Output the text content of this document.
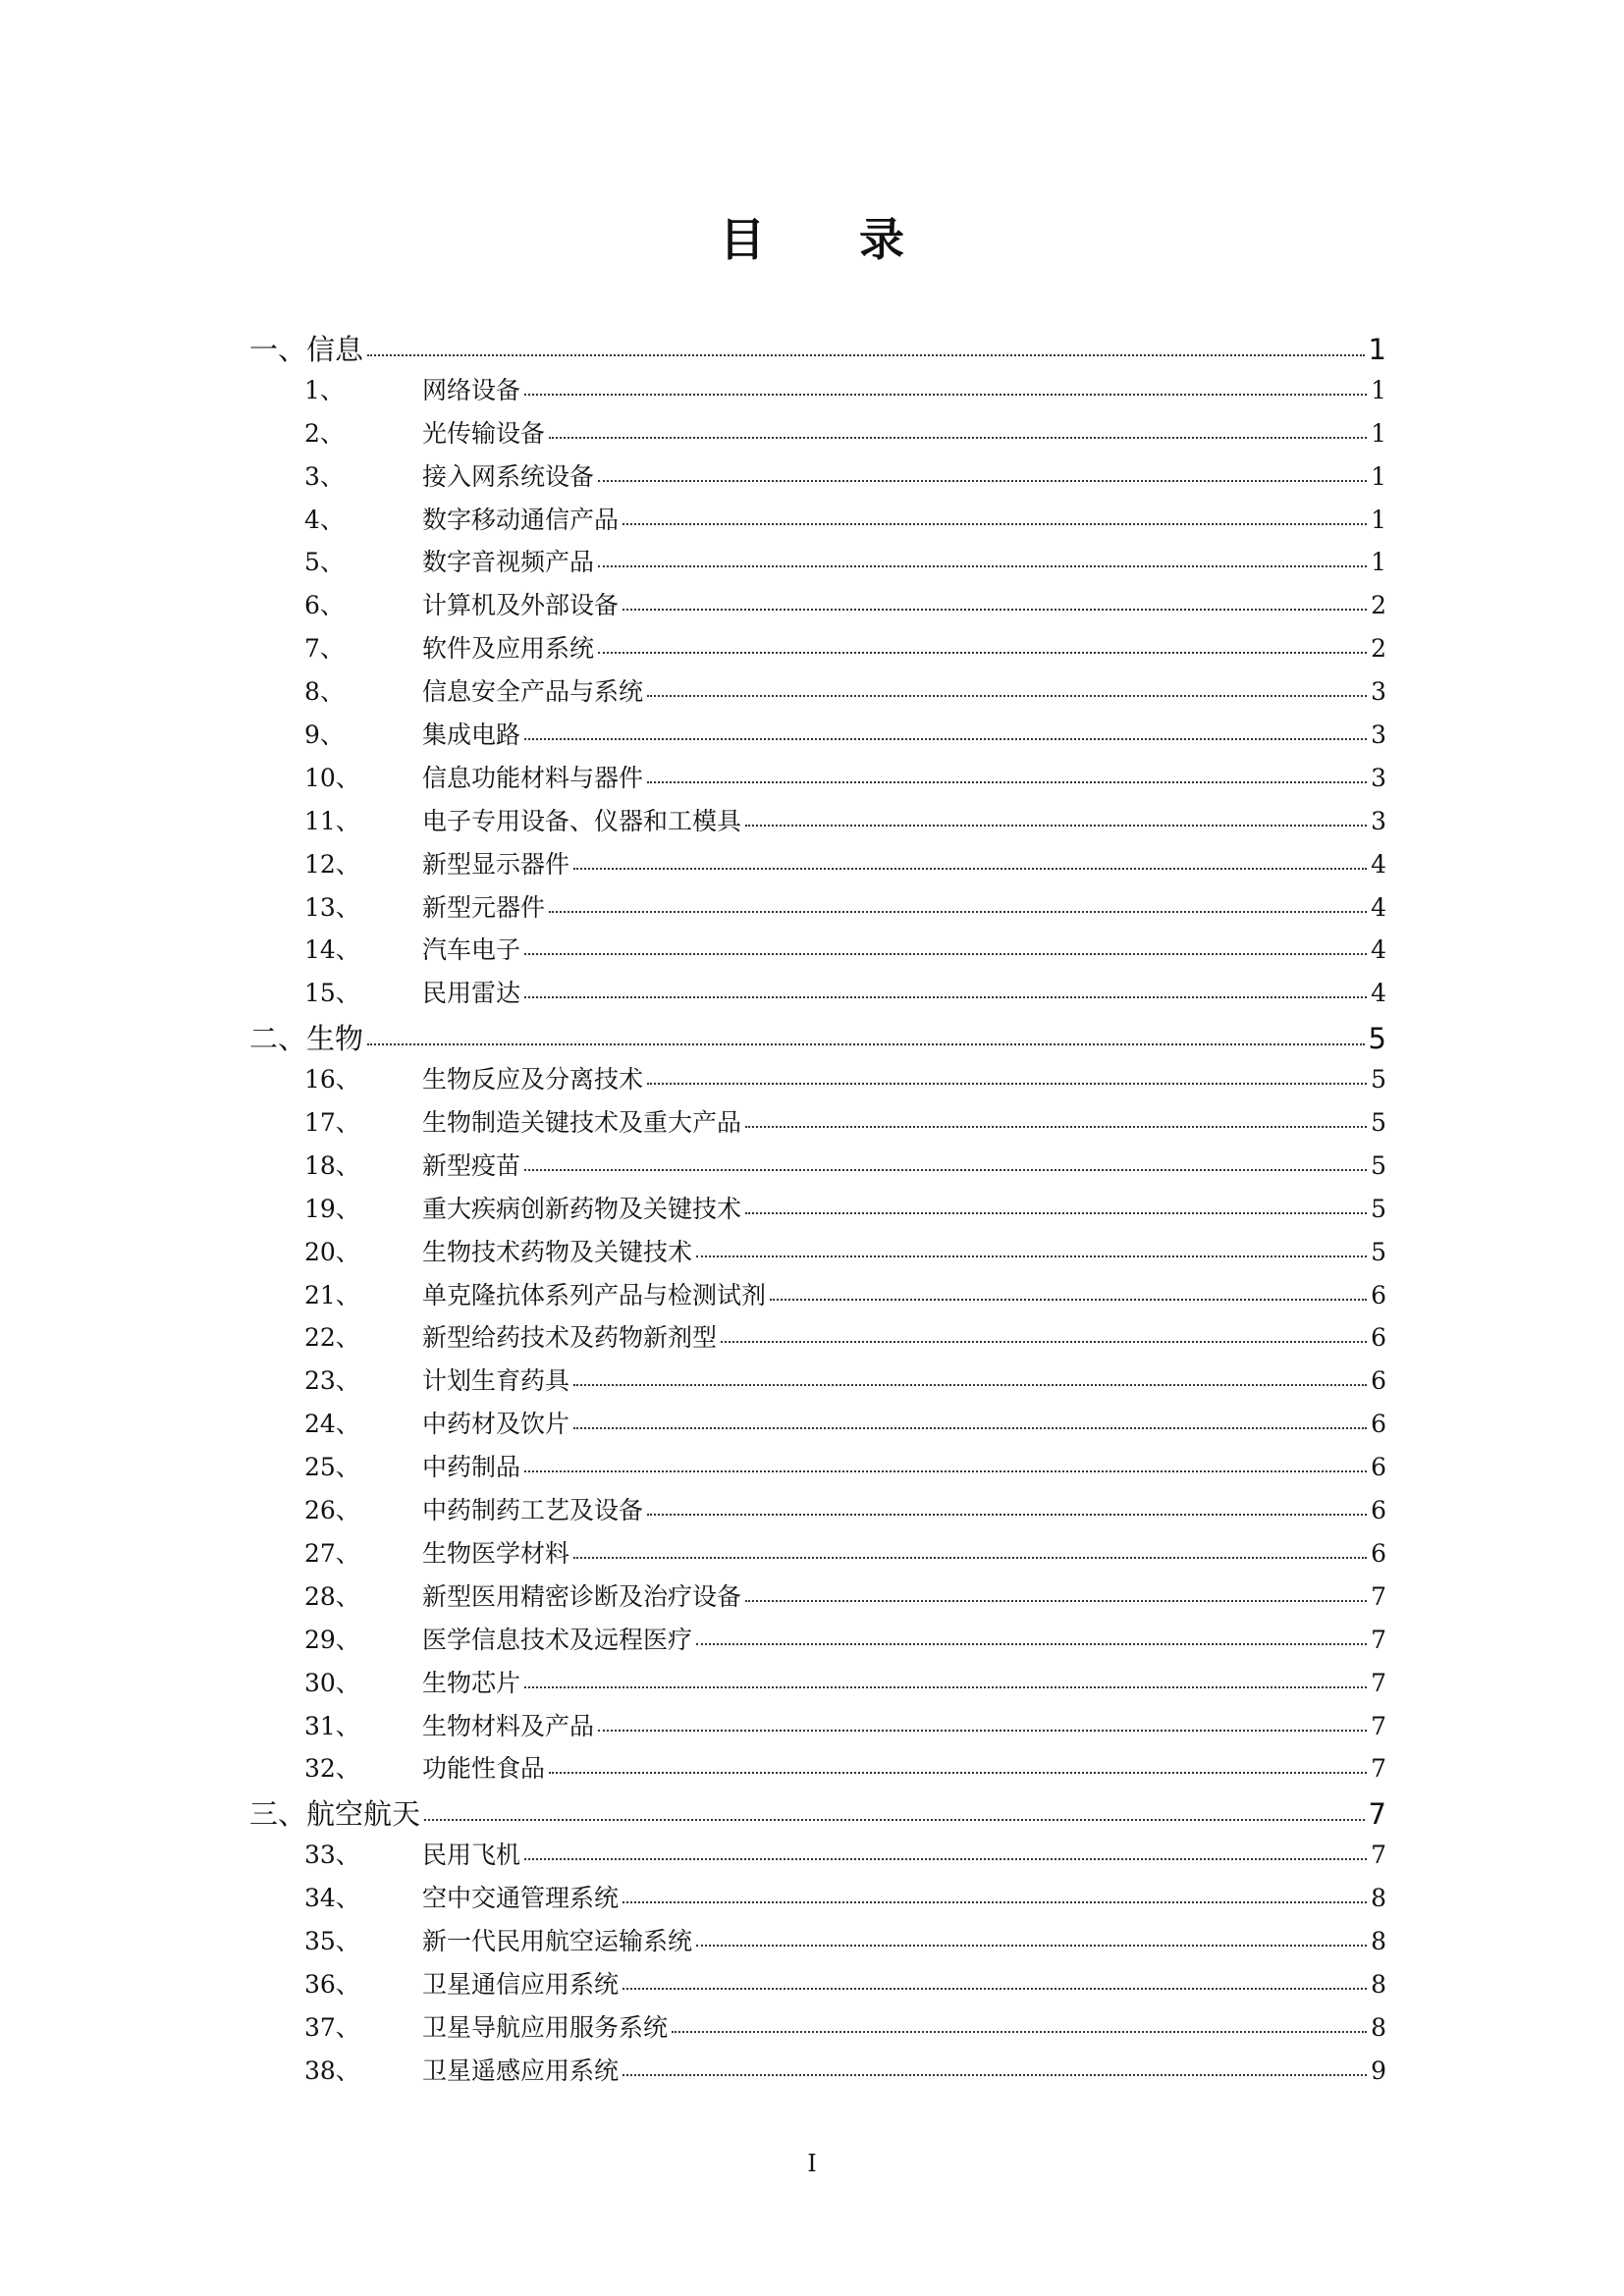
目 录
一、信息	1
1、	网络设备	1
2、	光传输设备	1
3、	接入网系统设备	1
4、	数字移动通信产品	1
5、	数字音视频产品	1
6、	计算机及外部设备	2
7、	软件及应用系统	2
8、	信息安全产品与系统	3
9、	集成电路	3
10、	信息功能材料与器件	3
11、	电子专用设备、仪器和工模具	3
12、	新型显示器件	4
13、	新型元器件	4
14、	汽车电子	4
15、	民用雷达	4
二、生物	5
16、	生物反应及分离技术	5
17、	生物制造关键技术及重大产品	5
18、	新型疫苗	5
19、	重大疾病创新药物及关键技术	5
20、	生物技术药物及关键技术	5
21、	单克隆抗体系列产品与检测试剂	6
22、	新型给药技术及药物新剂型	6
23、	计划生育药具	6
24、	中药材及饮片	6
25、	中药制品	6
26、	中药制药工艺及设备	6
27、	生物医学材料	6
28、	新型医用精密诊断及治疗设备	7
29、	医学信息技术及远程医疗	7
30、	生物芯片	7
31、	生物材料及产品	7
32、	功能性食品	7
三、航空航天	7
33、	民用飞机	7
34、	空中交通管理系统	8
35、	新一代民用航空运输系统	8
36、	卫星通信应用系统	8
37、	卫星导航应用服务系统	8
38、	卫星遥感应用系统	9
I
